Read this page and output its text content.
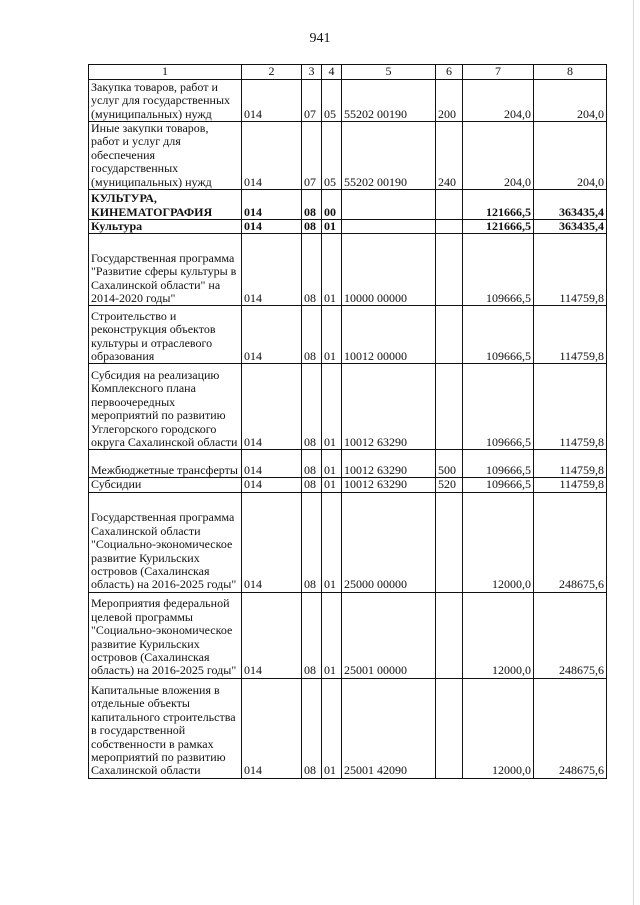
941
1	2	3	4	5	6	7	8
Закупка товаров, работ и услуг для государственных (муниципальных) нужд	014	07	05	55202 00190	200	204,0	204,0
Иные закупки товаров, работ и услуг для обеспечения государственных (муниципальных) нужд	014	07	05	55202 00190	240	204,0	204,0
КУЛЬТУРА, КИНЕМАТОГРАФИЯ	014	08	00			121666,5	363435,4
Культура	014	08	01			121666,5	363435,4
Государственная программа "Развитие сферы культуры в Сахалинской области" на 2014-2020 годы"	014	08	01	10000 00000		109666,5	114759,8
Строительство и реконструкция объектов культуры и отраслевого образования	014	08	01	10012 00000		109666,5	114759,8
Субсидия на реализацию Комплексного плана первоочередных мероприятий по развитию Углегорского городского округа Сахалинской области	014	08	01	10012 63290		109666,5	114759,8
Межбюджетные трансферты	014	08	01	10012 63290	500	109666,5	114759,8
Субсидии	014	08	01	10012 63290	520	109666,5	114759,8
Государственная программа Сахалинской области "Социально-экономическое развитие Курильских островов (Сахалинская область) на 2016-2025 годы"	014	08	01	25000 00000		12000,0	248675,6
Мероприятия федеральной целевой программы "Социально-экономическое развитие Курильских островов (Сахалинская область) на 2016-2025 годы"	014	08	01	25001 00000		12000,0	248675,6
Капитальные вложения в отдельные объекты капитального строительства в государственной собственности в рамках мероприятий по развитию Сахалинской области	014	08	01	25001 42090		12000,0	248675,6
